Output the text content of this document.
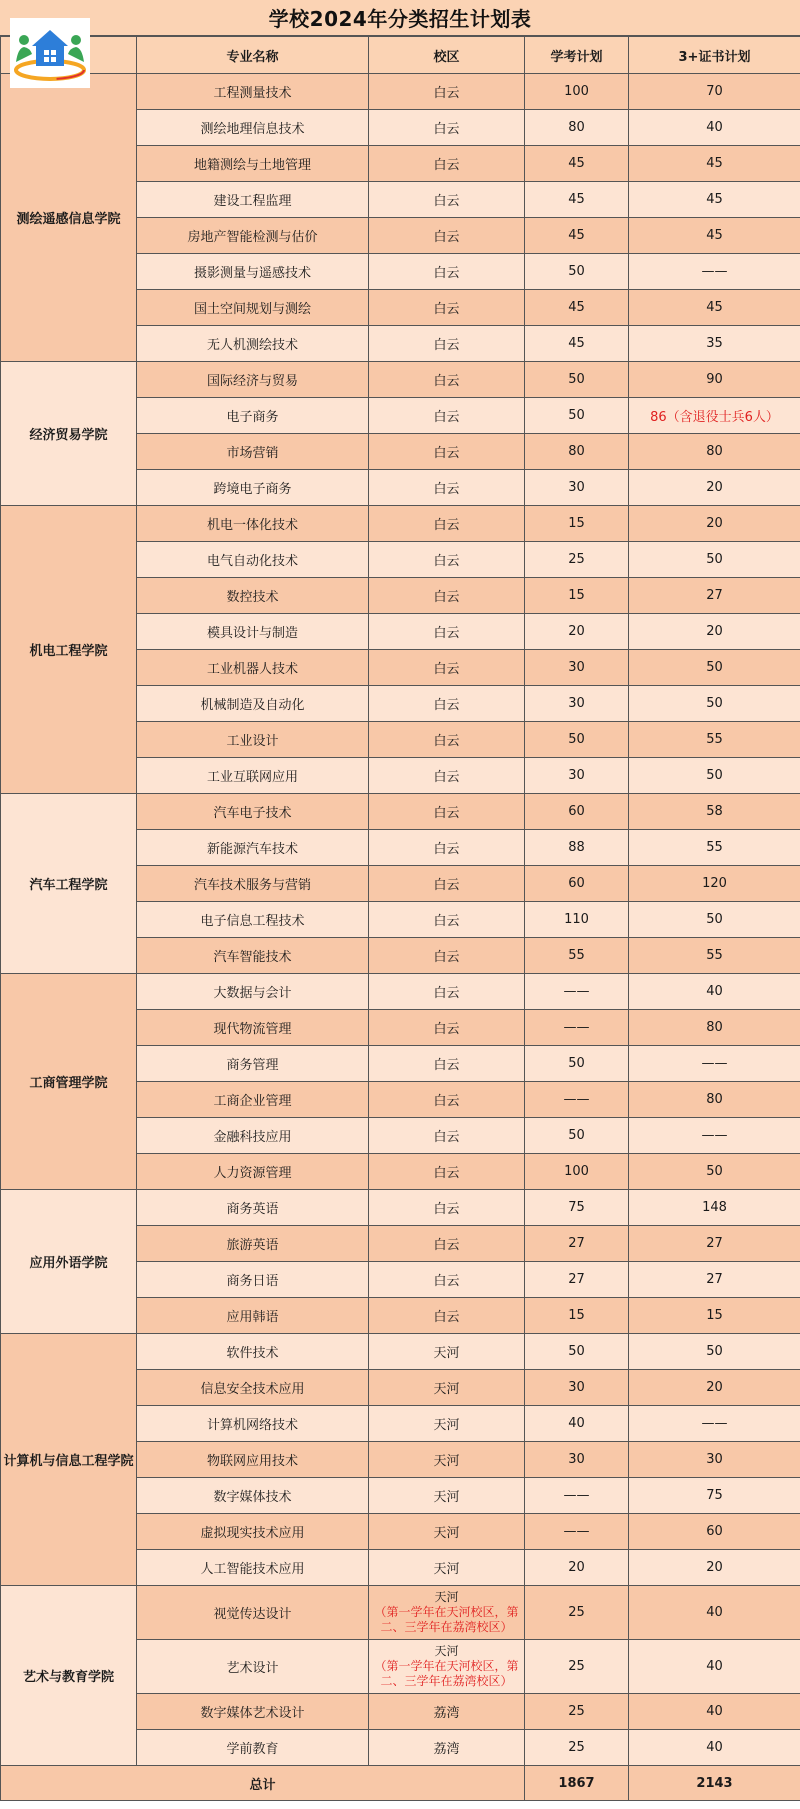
学校2024年分类招生计划表
	专业名称	校区	学考计划	3+证书计划
测绘遥感信息学院	工程测量技术	白云	100	70
	测绘地理信息技术	白云	80	40
	地籍测绘与土地管理	白云	45	45
	建设工程监理	白云	45	45
	房地产智能检测与估价	白云	45	45
	摄影测量与遥感技术	白云	50	——
	国土空间规划与测绘	白云	45	45
	无人机测绘技术	白云	45	35
经济贸易学院	国际经济与贸易	白云	50	90
	电子商务	白云	50	86（含退役士兵6人）
	市场营销	白云	80	80
	跨境电子商务	白云	30	20
机电工程学院	机电一体化技术	白云	15	20
	电气自动化技术	白云	25	50
	数控技术	白云	15	27
	模具设计与制造	白云	20	20
	工业机器人技术	白云	30	50
	机械制造及自动化	白云	30	50
	工业设计	白云	50	55
	工业互联网应用	白云	30	50
汽车工程学院	汽车电子技术	白云	60	58
	新能源汽车技术	白云	88	55
	汽车技术服务与营销	白云	60	120
	电子信息工程技术	白云	110	50
	汽车智能技术	白云	55	55
工商管理学院	大数据与会计	白云	——	40
	现代物流管理	白云	——	80
	商务管理	白云	50	——
	工商企业管理	白云	——	80
	金融科技应用	白云	50	——
	人力资源管理	白云	100	50
应用外语学院	商务英语	白云	75	148
	旅游英语	白云	27	27
	商务日语	白云	27	27
	应用韩语	白云	15	15
计算机与信息工程学院	软件技术	天河	50	50
	信息安全技术应用	天河	30	20
	计算机网络技术	天河	40	——
	物联网应用技术	天河	30	30
	数字媒体技术	天河	——	75
	虚拟现实技术应用	天河	——	60
	人工智能技术应用	天河	20	20
艺术与教育学院	视觉传达设计	天河
（第一学年在天河校区，第二、三学年在荔湾校区）	25	40
	艺术设计	天河
（第一学年在天河校区，第二、三学年在荔湾校区）	25	40
	数字媒体艺术设计	荔湾	25	40
	学前教育	荔湾	25	40
总计			1867	2143
